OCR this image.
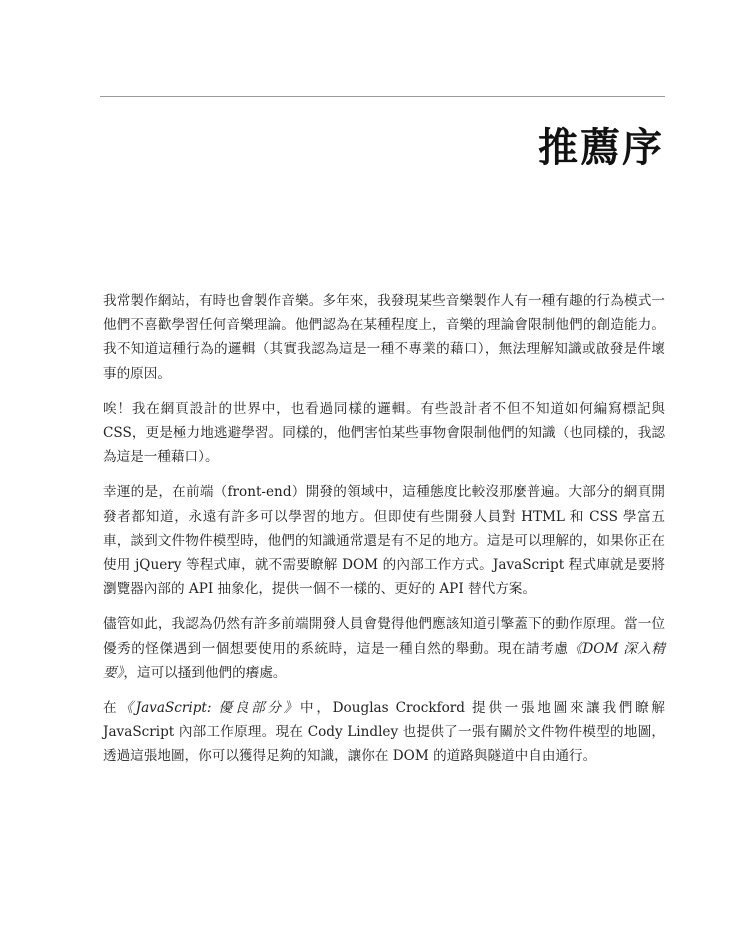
推薦序

我常製作網站，有時也會製作音樂。多年來，我發現某些音樂製作人有一種有趣的行為模式一他們不喜歡學習任何音樂理論。他們認為在某種程度上，音樂的理論會限制他們的創造能力。我不知道這種行為的邏輯（其實我認為這是一種不專業的藉口），無法理解知識或啟發是件壞事的原因。

唉！我在網頁設計的世界中，也看過同樣的邏輯。有些設計者不但不知道如何編寫標記與 CSS，更是極力地逃避學習。同樣的，他們害怕某些事物會限制他們的知識（也同樣的，我認為這是一種藉口）。

幸運的是，在前端（front-end）開發的領域中，這種態度比較沒那麼普遍。大部分的網頁開發者都知道，永遠有許多可以學習的地方。但即使有些開發人員對 HTML 和 CSS 學富五車，談到文件物件模型時，他們的知識通常還是有不足的地方。這是可以理解的，如果你正在使用 jQuery 等程式庫，就不需要瞭解 DOM 的內部工作方式。JavaScript 程式庫就是要將瀏覽器內部的 API 抽象化，提供一個不一樣的、更好的 API 替代方案。

儘管如此，我認為仍然有許多前端開發人員會覺得他們應該知道引擎蓋下的動作原理。當一位優秀的怪傑遇到一個想要使用的系統時，這是一種自然的舉動。現在請考慮《DOM 深入精要》，這可以搔到他們的癢處。

在《JavaScript: 優良部分》中，Douglas Crockford 提供一張地圖來讓我們瞭解 JavaScript 內部工作原理。現在 Cody Lindley 也提供了一張有關於文件物件模型的地圖，透過這張地圖，你可以獲得足夠的知識，讓你在 DOM 的道路與隧道中自由通行。
